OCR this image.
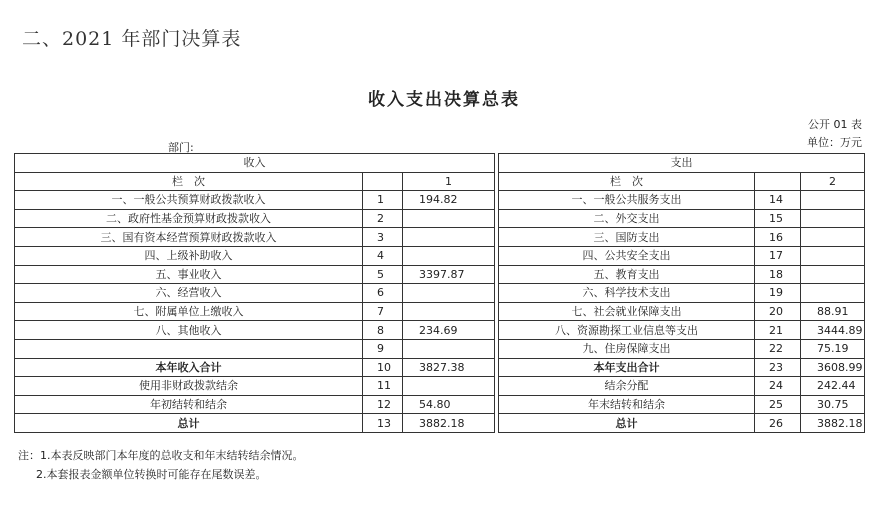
二、2021 年部门决算表
收入支出决算总表
公开 01 表
单位：万元
部门:
收入				支出		
栏　次		1		栏　次		2
一、一般公共预算财政拨款收入	1	194.82		一、一般公共服务支出	14	
二、政府性基金预算财政拨款收入	2			二、外交支出	15	
三、国有资本经营预算财政拨款收入	3			三、国防支出	16	
四、上级补助收入	4			四、公共安全支出	17	
五、事业收入	5	3397.87		五、教育支出	18	
六、经营收入	6			六、科学技术支出	19	
七、附属单位上缴收入	7			七、社会就业保障支出	20	88.91
八、其他收入	8	234.69		八、资源勘探工业信息等支出	21	3444.89
	9			九、住房保障支出	22	75.19
本年收入合计	10	3827.38		本年支出合计	23	3608.99
使用非财政拨款结余	11			结余分配	24	242.44
年初结转和结余	12	54.80		年末结转和结余	25	30.75
总计	13	3882.18		总计	26	3882.18
注：1.本表反映部门本年度的总收支和年末结转结余情况。
2.本套报表金额单位转换时可能存在尾数误差。
